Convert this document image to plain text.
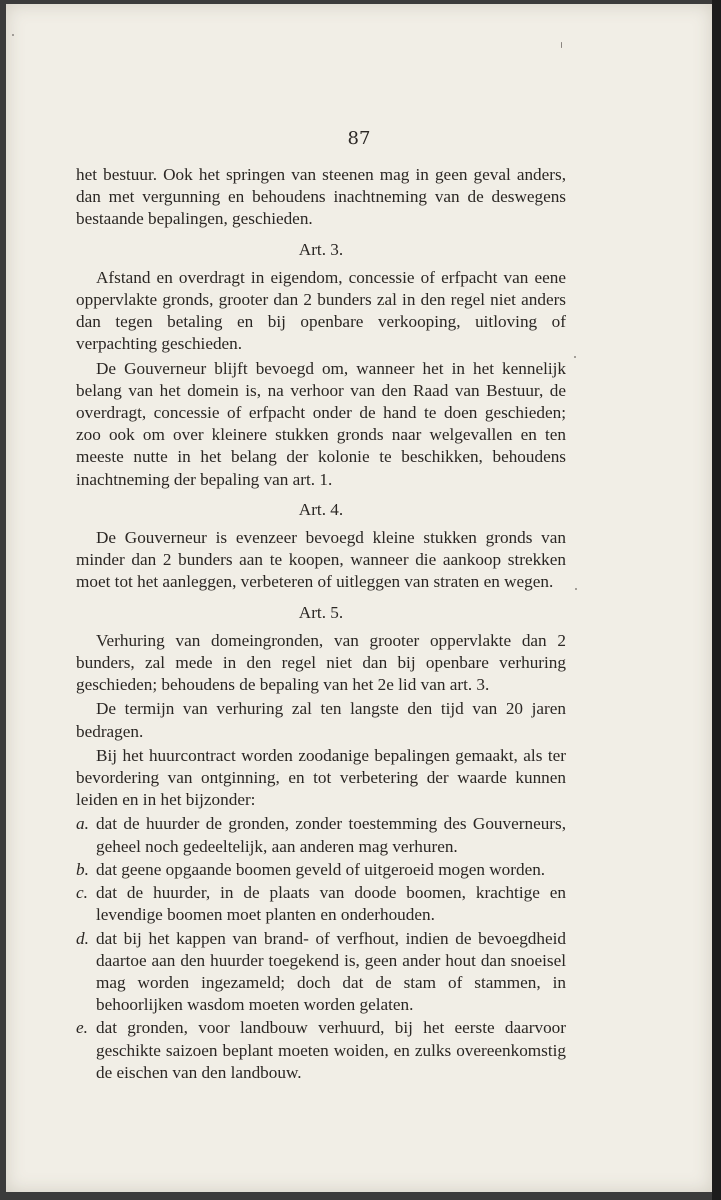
87

het bestuur. Ook het springen van steenen mag in geen geval anders, dan met vergunning en behoudens inachtneming van de deswegens bestaande bepalingen, geschieden.

Art. 3.

Afstand en overdragt in eigendom, concessie of erfpacht van eene oppervlakte gronds, grooter dan 2 bunders zal in den regel niet anders dan tegen betaling en bij openbare verkooping, uitloving of verpachting geschieden.

De Gouverneur blijft bevoegd om, wanneer het in het kennelijk belang van het domein is, na verhoor van den Raad van Bestuur, de overdragt, concessie of erfpacht onder de hand te doen geschieden; zoo ook om over kleinere stukken gronds naar welgevallen en ten meeste nutte in het belang der kolonie te beschikken, behoudens inachtneming der bepaling van art. 1.

Art. 4.

De Gouverneur is evenzeer bevoegd kleine stukken gronds van minder dan 2 bunders aan te koopen, wanneer die aankoop strekken moet tot het aanleggen, verbeteren of uitleggen van straten en wegen.

Art. 5.

Verhuring van domeingronden, van grooter oppervlakte dan 2 bunders, zal mede in den regel niet dan bij openbare verhuring geschieden; behoudens de bepaling van het 2e lid van art. 3.

De termijn van verhuring zal ten langste den tijd van 20 jaren bedragen.

Bij het huurcontract worden zoodanige bepalingen gemaakt, als ter bevordering van ontginning, en tot verbetering der waarde kunnen leiden en in het bijzonder:

a. dat de huurder de gronden, zonder toestemming des Gouverneurs, geheel noch gedeeltelijk, aan anderen mag verhuren.
b. dat geene opgaande boomen geveld of uitgeroeid mogen worden.
c. dat de huurder, in de plaats van doode boomen, krachtige en levendige boomen moet planten en onderhouden.
d. dat bij het kappen van brand- of verfhout, indien de bevoegdheid daartoe aan den huurder toegekend is, geen ander hout dan snoeisel mag worden ingezameld; doch dat de stam of stammen, in behoorlijken wasdom moeten worden gelaten.
e. dat gronden, voor landbouw verhuurd, bij het eerste daarvoor geschikte saizoen beplant moeten woiden, en zulks overeenkomstig de eischen van den landbouw.
